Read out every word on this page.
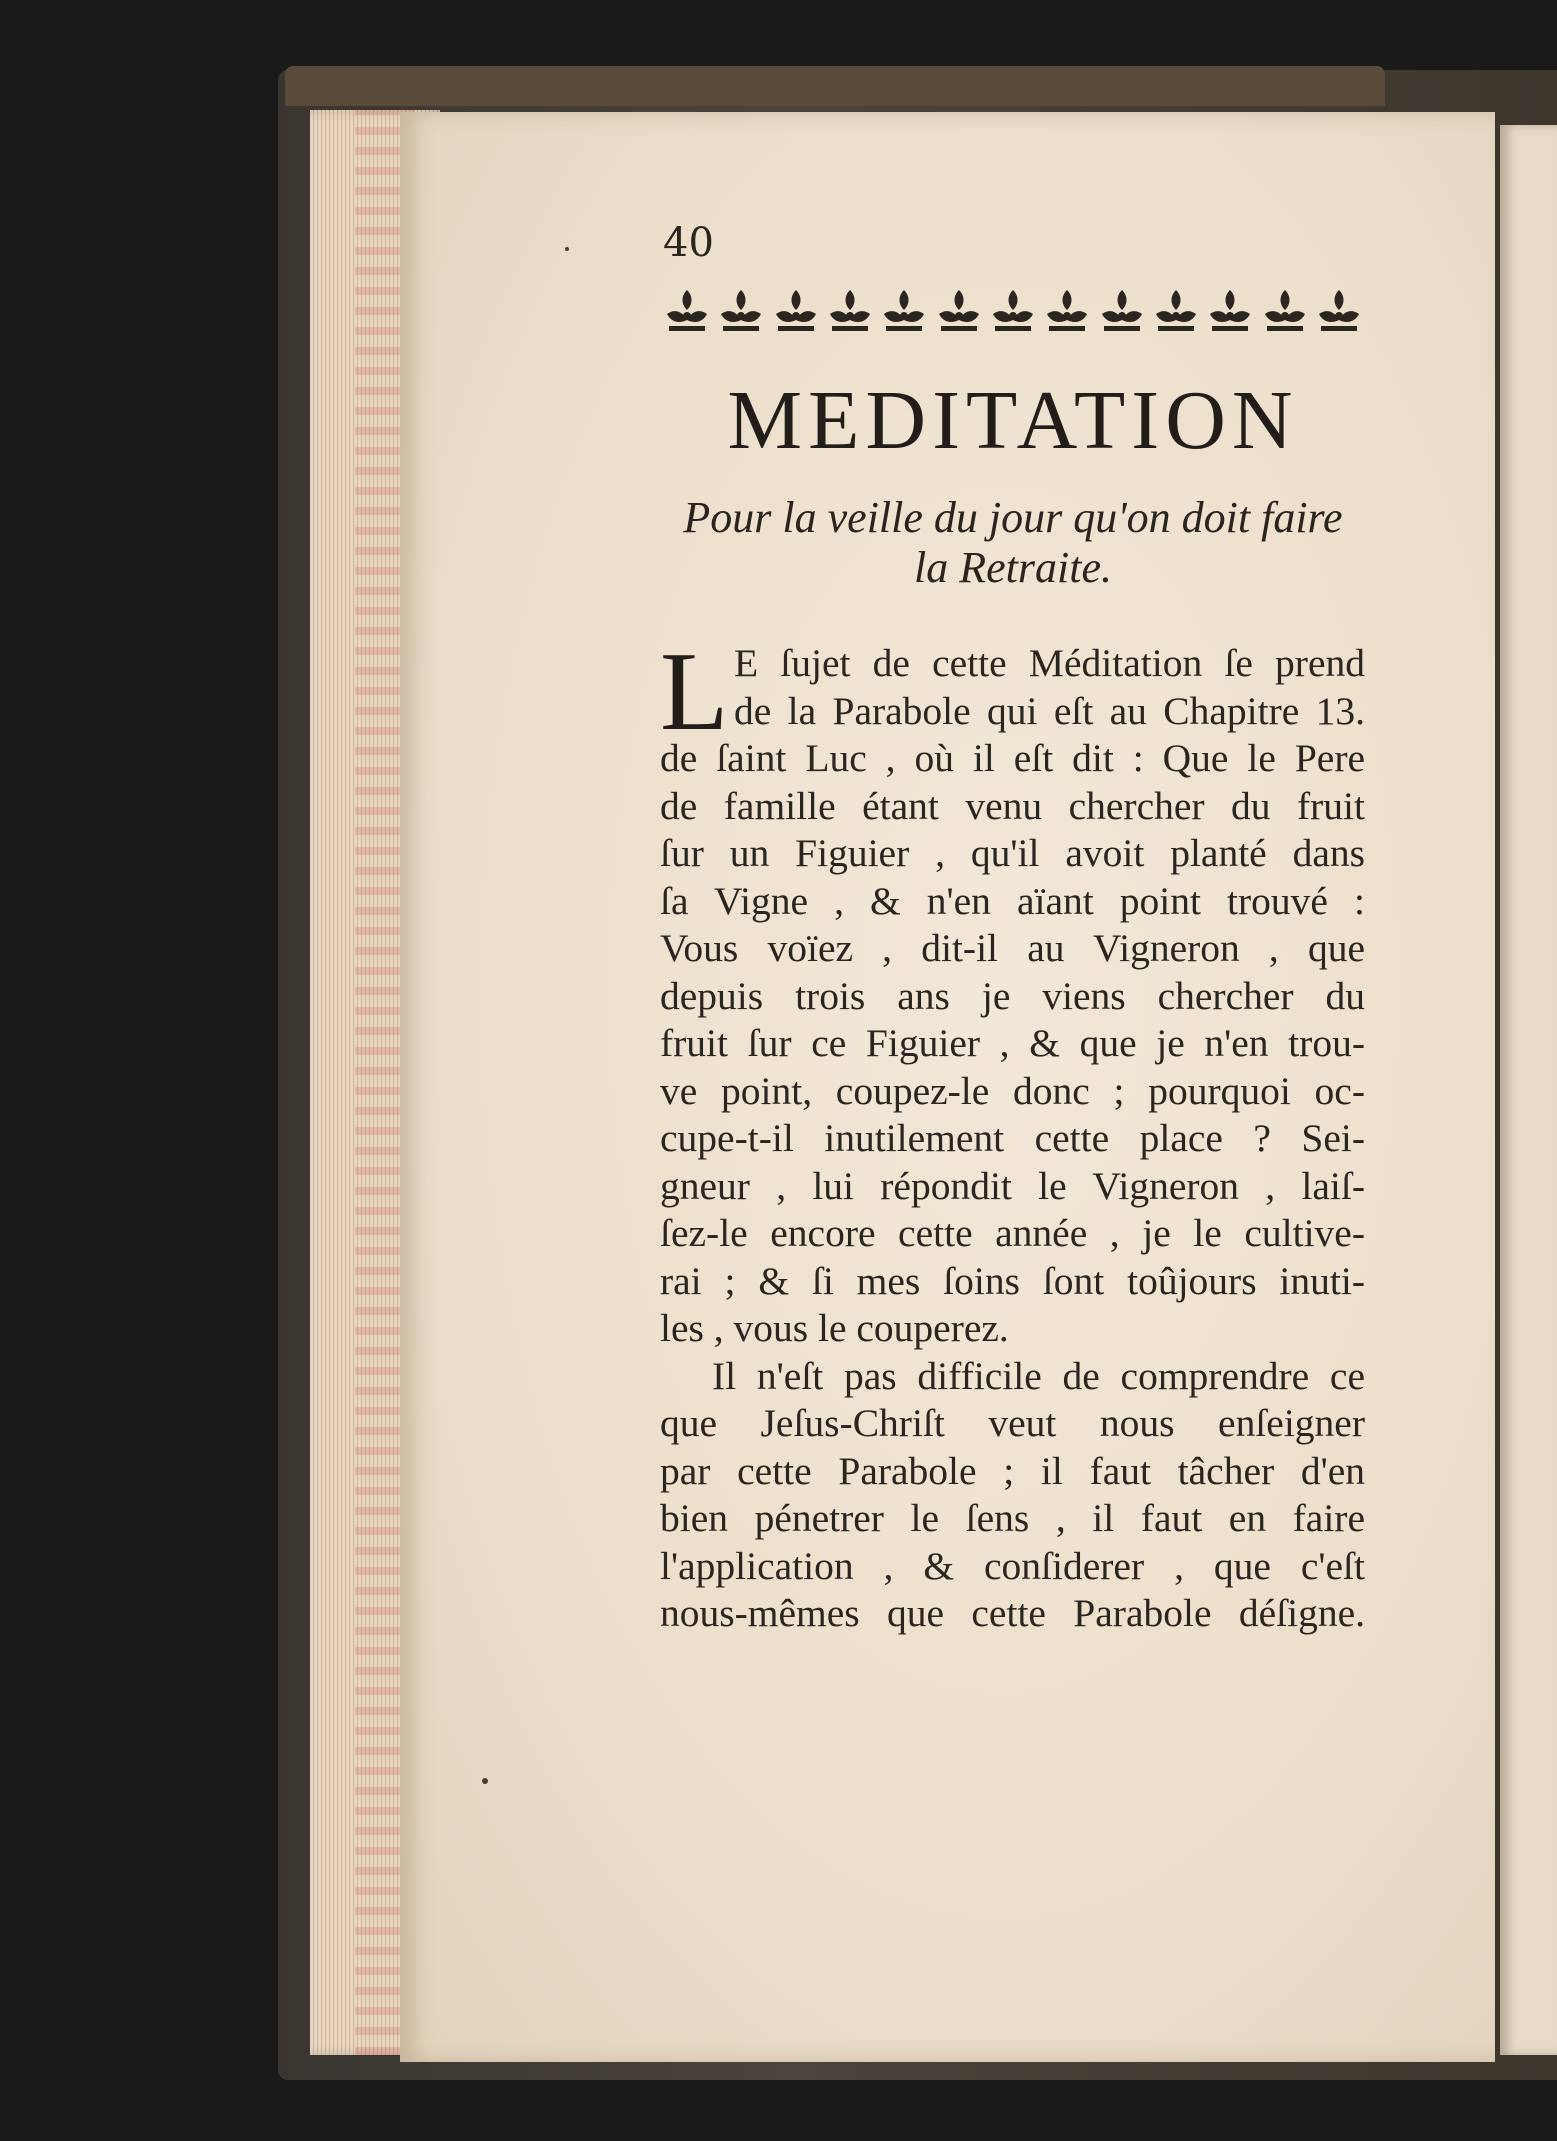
40
MEDITATION
Pour la veille du jour qu'on doit faire
la Retraite.
L E ſujet de cette Méditation ſe prend
de la Parabole qui eſt au Chapitre 13.
de ſaint Luc , où il eſt dit : Que le Pere
de famille étant venu chercher du fruit
ſur un Figuier , qu'il avoit planté dans
ſa Vigne , & n'en aïant point trouvé :
Vous voïez , dit-il au Vigneron , que
depuis trois ans je viens chercher du
fruit ſur ce Figuier , & que je n'en trou-
ve point, coupez-le donc ; pourquoi oc-
cupe-t-il inutilement cette place ? Sei-
gneur , lui répondit le Vigneron , laiſ-
ſez-le encore cette année , je le cultive-
rai ; & ſi mes ſoins ſont toûjours inuti-
les , vous le couperez.
Il n'eſt pas difficile de comprendre ce
que Jeſus-Chriſt veut nous enſeigner
par cette Parabole ; il faut tâcher d'en
bien pénetrer le ſens , il faut en faire
l'application , & conſiderer , que c'eſt
nous-mêmes que cette Parabole déſigne.
